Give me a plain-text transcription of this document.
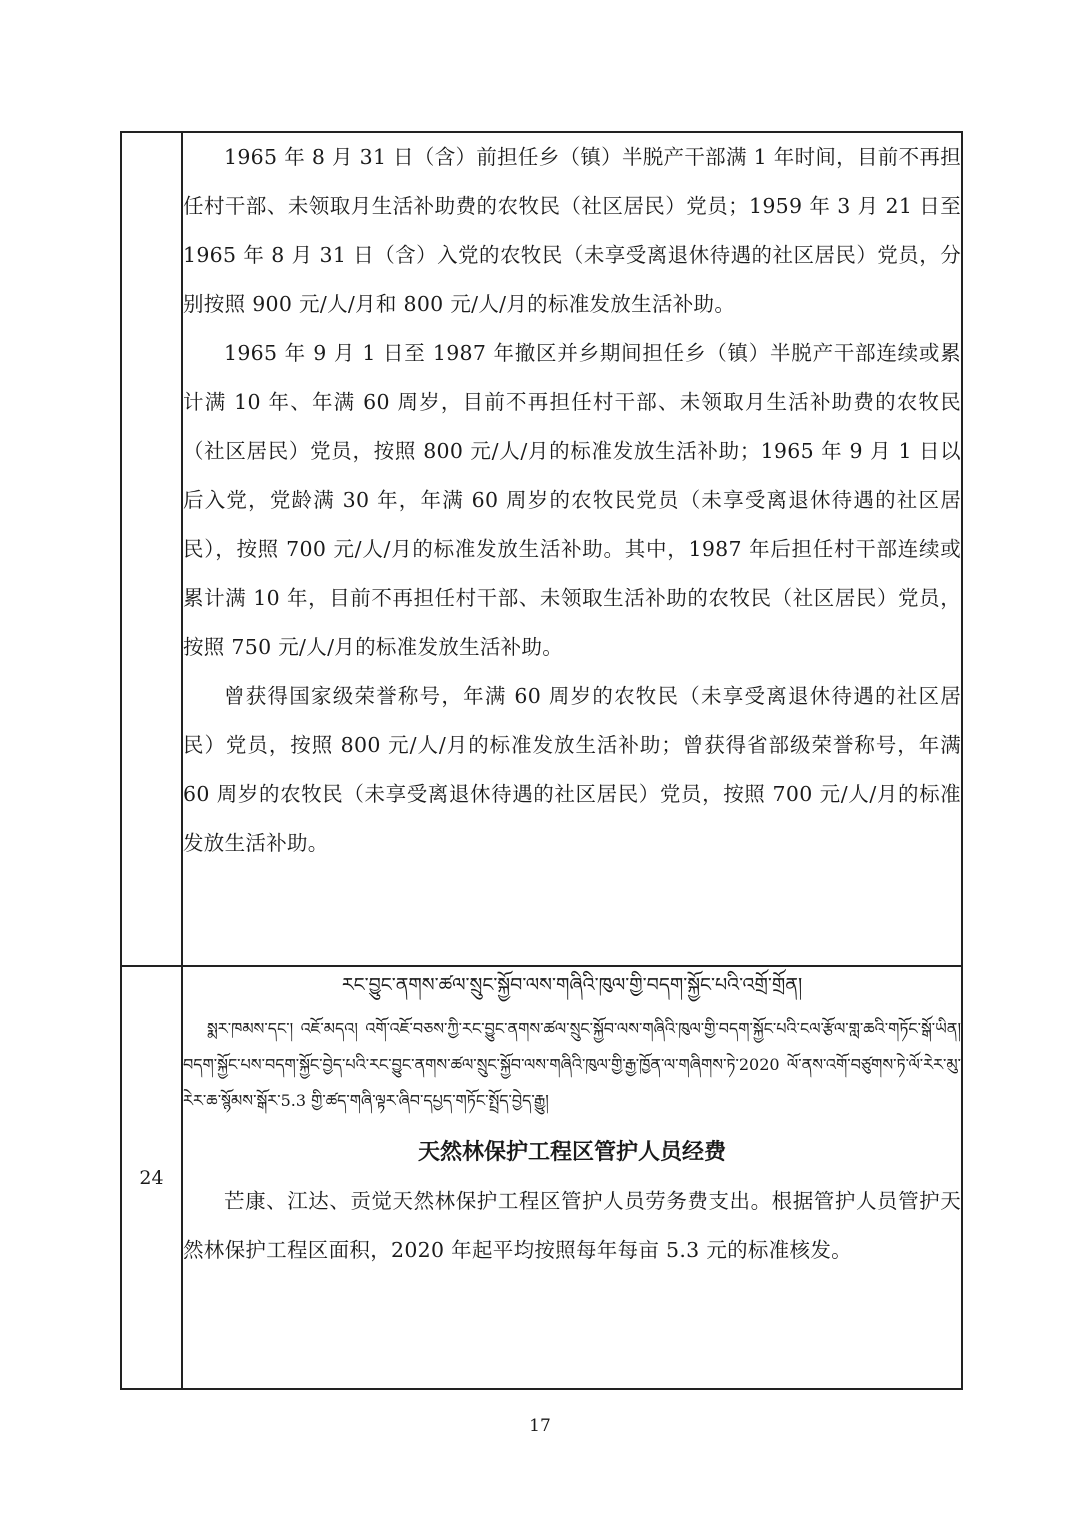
	1965 年 8 月 31 日（含）前担任乡（镇）半脱产干部满 1 年时间，目前不再担任村干部、未领取月生活补助费的农牧民（社区居民）党员；1959 年 3 月 21 日至 1965 年 8 月 31 日（含）入党的农牧民（未享受离退休待遇的社区居民）党员，分别按照 900 元/人/月和 800 元/人/月的标准发放生活补助。

1965 年 9 月 1 日至 1987 年撤区并乡期间担任乡（镇）半脱产干部连续或累计满 10 年、年满 60 周岁，目前不再担任村干部、未领取月生活补助费的农牧民（社区居民）党员，按照 800 元/人/月的标准发放生活补助；1965 年 9 月 1 日以后入党，党龄满 30 年，年满 60 周岁的农牧民党员（未享受离退休待遇的社区居民），按照 700 元/人/月的标准发放生活补助。其中，1987 年后担任村干部连续或累计满 10 年，目前不再担任村干部、未领取生活补助的农牧民（社区居民）党员，按照 750 元/人/月的标准发放生活补助。

曾获得国家级荣誉称号，年满 60 周岁的农牧民（未享受离退休待遇的社区居民）党员，按照 800 元/人/月的标准发放生活补助；曾获得省部级荣誉称号，年满 60 周岁的农牧民（未享受离退休待遇的社区居民）党员，按照 700 元/人/月的标准发放生活补助。

24	རང་བྱུང་ནགས་ཚལ་སྲུང་སྐྱོབ་ལས་གཞིའི་ཁུལ་གྱི་བདག་སྐྱོང་པའི་འགྲོ་གྲོན།

སྨར་ཁམས་དང་། འཇོ་མདའ། འགོ་འཇོ་བཅས་ཀྱི་རང་བྱུང་ནགས་ཚལ་སྲུང་སྐྱོབ་ལས་གཞིའི་ཁུལ་གྱི་བདག་སྐྱོང་པའི་ངལ་རྩོལ་གླ་ཆའི་གཏོང་སྒོ་ཡིན། བདག་སྐྱོང་པས་བདག་སྐྱོང་བྱེད་པའི་རང་བྱུང་ནགས་ཚལ་སྲུང་སྐྱོབ་ལས་གཞིའི་ཁུལ་གྱི་རྒྱ་ཁྱོན་ལ་གཞིགས་ཏེ་2020 ལོ་ནས་འགོ་བཙུགས་ཏེ་ལོ་རེར་མུ་ རེར་ཆ་སྙོམས་སྒོར་5.3 གྱི་ཚད་གཞི་ལྟར་ཞིབ་དཔྱད་གཏོང་སྤྲོད་བྱེད་རྒྱུ།

天然林保护工程区管护人员经费

芒康、江达、贡觉天然林保护工程区管护人员劳务费支出。根据管护人员管护天然林保护工程区面积，2020 年起平均按照每年每亩 5.3 元的标准核发。

17
